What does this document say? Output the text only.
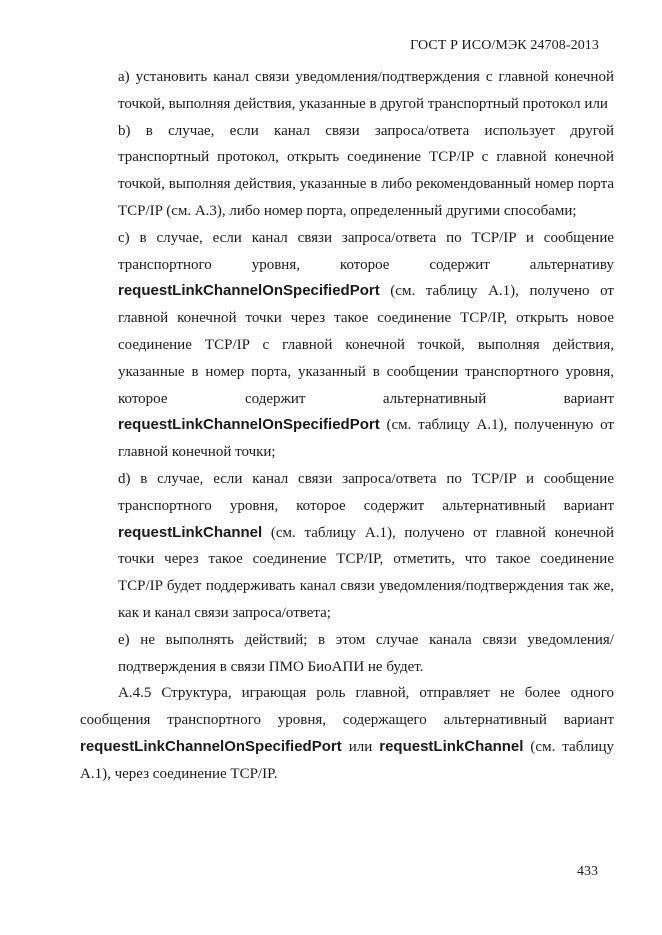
ГОСТ Р ИСО/МЭК 24708-2013

а) установить канал связи уведомления/подтверждения с главной конечной точкой, выполняя действия, указанные в другой транспортный протокол или

b) в случае, если канал связи запроса/ответа использует другой транспортный протокол, открыть соединение TCP/IP с главной конечной точкой, выполняя действия, указанные в либо рекомендованный номер порта TCP/IP (см. А.3), либо номер порта, определенный другими способами;

с) в случае, если канал связи запроса/ответа по TCP/IP и сообщение транспортного уровня, которое содержит альтернативу requestLinkChannelOnSpecifiedPort (см. таблицу А.1), получено от главной конечной точки через такое соединение TCP/IP, открыть новое соединение TCP/IP с главной конечной точкой, выполняя действия, указанные в номер порта, указанный в сообщении транспортного уровня, которое содержит альтернативный вариант requestLinkChannelOnSpecifiedPort (см. таблицу А.1), полученную от главной конечной точки;

d) в случае, если канал связи запроса/ответа по TCP/IP и сообщение транспортного уровня, которое содержит альтернативный вариант requestLinkChannel (см. таблицу А.1), получено от главной конечной точки через такое соединение TCP/IP, отметить, что такое соединение TCP/IP будет поддерживать канал связи уведомления/подтверждения так же, как и канал связи запроса/ответа;

е) не выполнять действий; в этом случае канала связи уведомления/подтверждения в связи ПМО БиоАПИ не будет.

А.4.5 Структура, играющая роль главной, отправляет не более одного сообщения транспортного уровня, содержащего альтернативный вариант requestLinkChannelOnSpecifiedPort или requestLinkChannel (см. таблицу А.1), через соединение TCP/IP.

433
